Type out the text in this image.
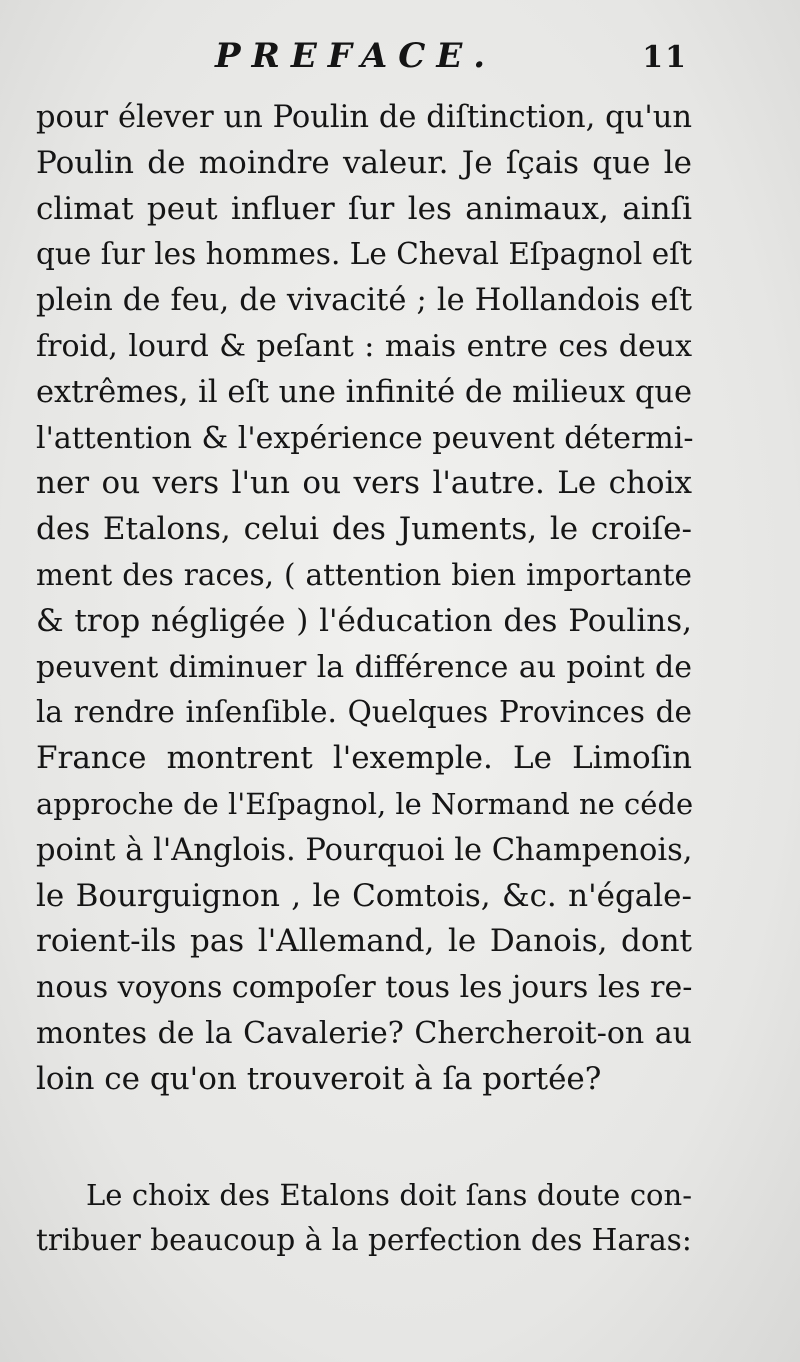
PREFACE.	11
pour élever un Poulin de diſtinction, qu'un
Poulin de moindre valeur. Je ſçais que le
climat peut influer ſur les animaux, ainſi
que ſur les hommes. Le Cheval Eſpagnol eſt
plein de feu, de vivacité ; le Hollandois eſt
froid, lourd & peſant : mais entre ces deux
extrêmes, il eſt une infinité de milieux que
l'attention & l'expérience peuvent détermi-
ner ou vers l'un ou vers l'autre. Le choix
des Etalons, celui des Juments, le croiſe-
ment des races, ( attention bien importante
& trop négligée ) l'éducation des Poulins,
peuvent diminuer la différence au point de
la rendre inſenſible. Quelques Provinces de
France montrent l'exemple. Le Limoſin
approche de l'Eſpagnol, le Normand ne céde
point à l'Anglois. Pourquoi le Champenois,
le Bourguignon , le Comtois, &c. n'égale-
roient-ils pas l'Allemand, le Danois, dont
nous voyons compoſer tous les jours les re-
montes de la Cavalerie? Chercheroit-on au
loin ce qu'on trouveroit à ſa portée?
Le choix des Etalons doit ſans doute con-
tribuer beaucoup à la perfection des Haras:
